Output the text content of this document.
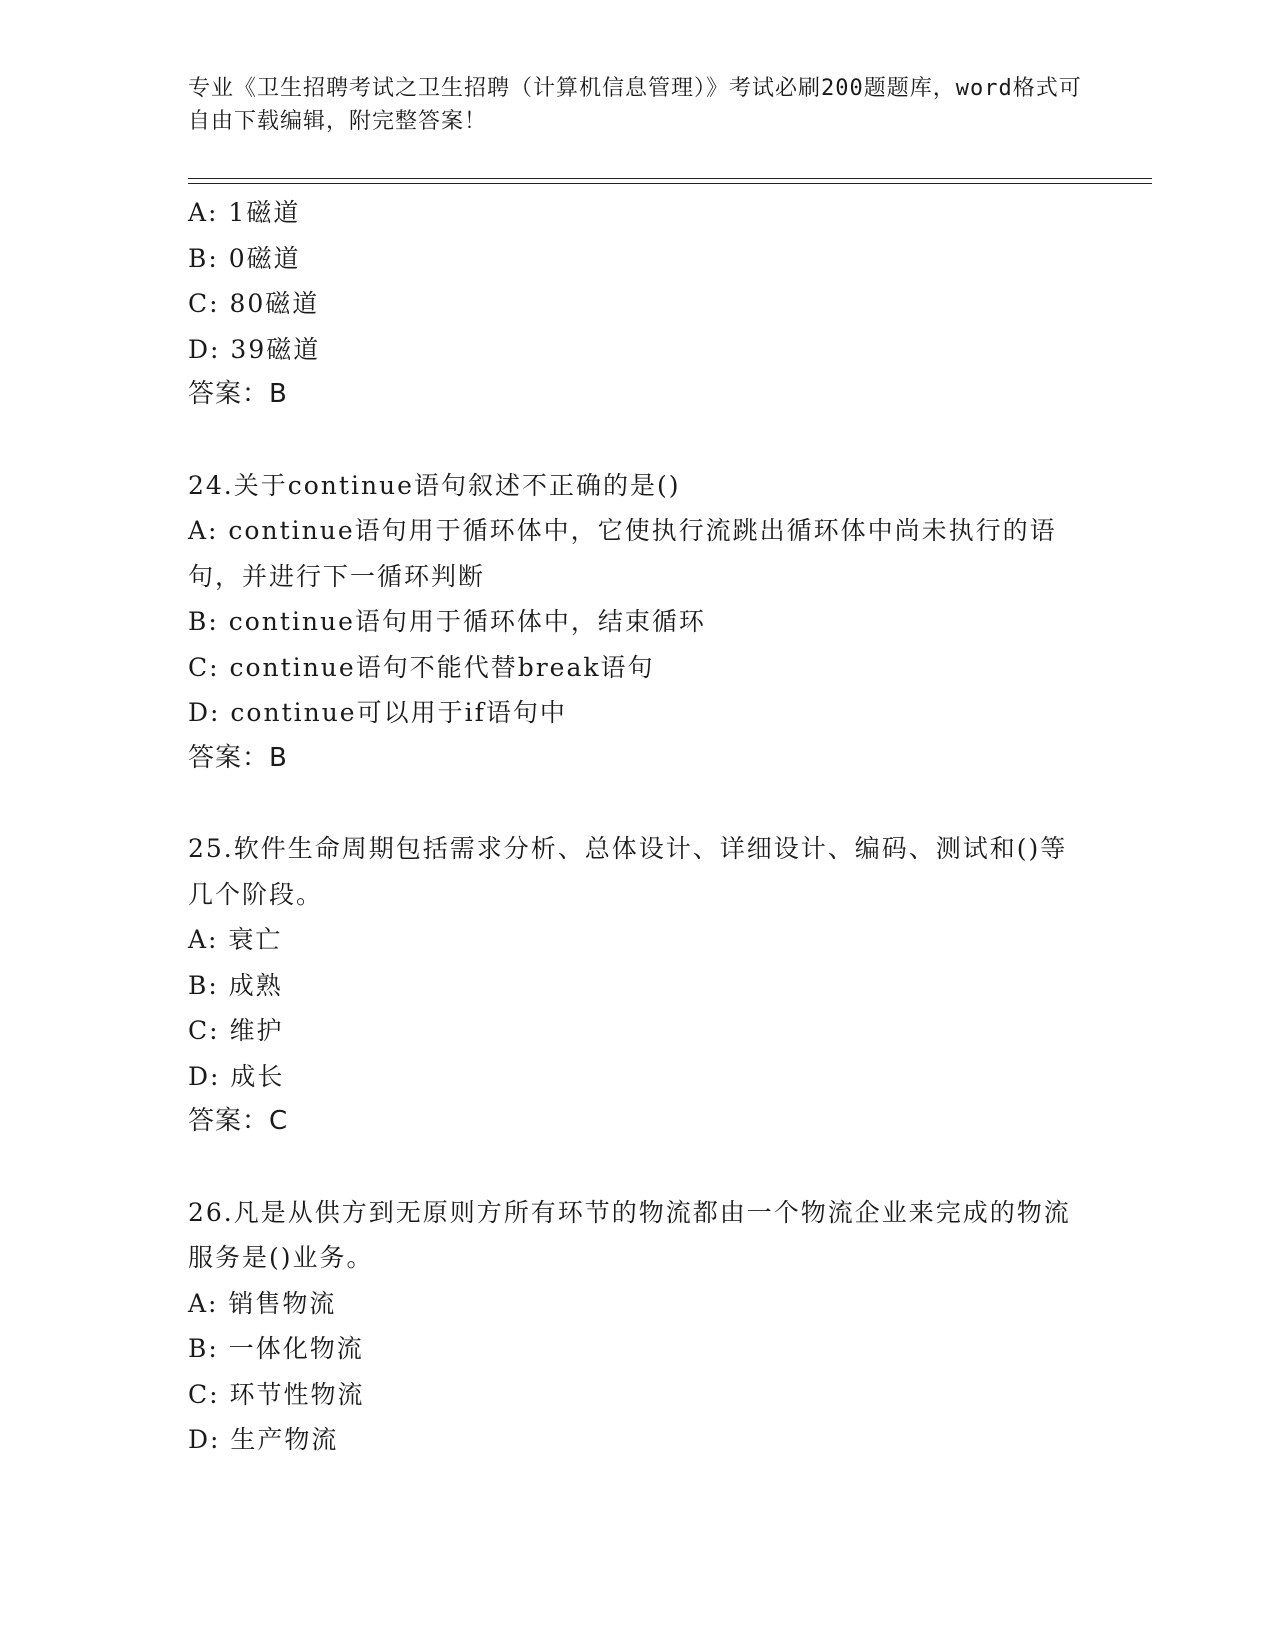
专业《卫生招聘考试之卫生招聘（计算机信息管理）》考试必刷200题题库，word格式可自由下载编辑，附完整答案！
A: 1磁道
B: 0磁道
C: 80磁道
D: 39磁道
答案：B
24.关于continue语句叙述不正确的是()
A: continue语句用于循环体中，它使执行流跳出循环体中尚未执行的语句，并进行下一循环判断
B: continue语句用于循环体中，结束循环
C: continue语句不能代替break语句
D: continue可以用于if语句中
答案：B
25.软件生命周期包括需求分析、总体设计、详细设计、编码、测试和()等几个阶段。
A: 衰亡
B: 成熟
C: 维护
D: 成长
答案：C
26.凡是从供方到无原则方所有环节的物流都由一个物流企业来完成的物流服务是()业务。
A: 销售物流
B: 一体化物流
C: 环节性物流
D: 生产物流
